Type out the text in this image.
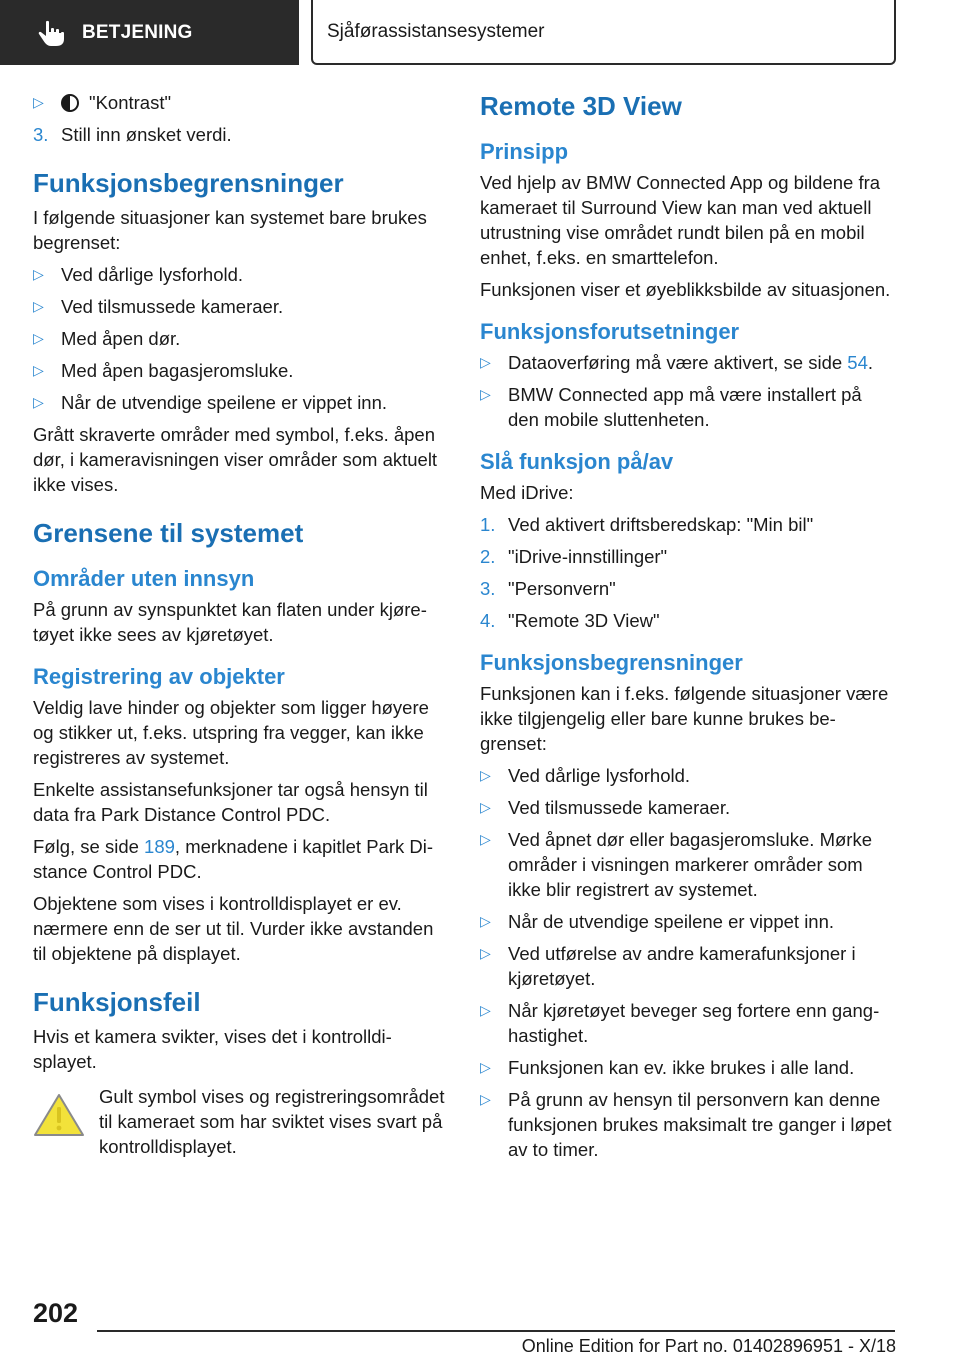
BETJENING	Sjåførassistansesystemer
▷ "Kontrast"
3. Still inn ønsket verdi.
Funksjonsbegrensninger
I følgende situasjoner kan systemet bare brukes begrenset:
▷ Ved dårlige lysforhold.
▷ Ved tilsmussede kameraer.
▷ Med åpen dør.
▷ Med åpen bagasjeromsluke.
▷ Når de utvendige speilene er vippet inn.
Grått skraverte områder med symbol, f.eks. åpen dør, i kameravisningen viser områder som aktuelt ikke vises.
Grensene til systemet
Områder uten innsyn
På grunn av synspunktet kan flaten under kjøretøyet ikke sees av kjøretøyet.
Registrering av objekter
Veldig lave hinder og objekter som ligger høyere og stikker ut, f.eks. utspring fra vegger, kan ikke registreres av systemet.
Enkelte assistansefunksjoner tar også hensyn til data fra Park Distance Control PDC.
Følg, se side 189, merknadene i kapitlet Park Distance Control PDC.
Objektene som vises i kontrolldisplayet er ev. nærmere enn de ser ut til. Vurder ikke avstanden til objektene på displayet.
Funksjonsfeil
Hvis et kamera svikter, vises det i kontrolldisplayet.
Gult symbol vises og registreringsområdet til kameraet som har sviktet vises svart på kontrolldisplayet.
Remote 3D View
Prinsipp
Ved hjelp av BMW Connected App og bildene fra kameraet til Surround View kan man ved aktuell utrustning vise området rundt bilen på en mobil enhet, f.eks. en smarttelefon.
Funksjonen viser et øyeblikksbilde av situasjonen.
Funksjonsforutsetninger
▷ Dataoverføring må være aktivert, se side 54.
▷ BMW Connected app må være installert på den mobile sluttenheten.
Slå funksjon på/av
Med iDrive:
1. Ved aktivert driftsberedskap: "Min bil"
2. "iDrive-innstillinger"
3. "Personvern"
4. "Remote 3D View"
Funksjonsbegrensninger
Funksjonen kan i f.eks. følgende situasjoner være ikke tilgjengelig eller bare kunne brukes begrenset:
▷ Ved dårlige lysforhold.
▷ Ved tilsmussede kameraer.
▷ Ved åpnet dør eller bagasjeromsluke. Mørke områder i visningen markerer områder som ikke blir registrert av systemet.
▷ Når de utvendige speilene er vippet inn.
▷ Ved utførelse av andre kamerafunksjoner i kjøretøyet.
▷ Når kjøretøyet beveger seg fortere enn ganghastighet.
▷ Funksjonen kan ev. ikke brukes i alle land.
▷ På grunn av hensyn til personvern kan denne funksjonen brukes maksimalt tre ganger i løpet av to timer.
202
Online Edition for Part no. 01402896951 - X/18
